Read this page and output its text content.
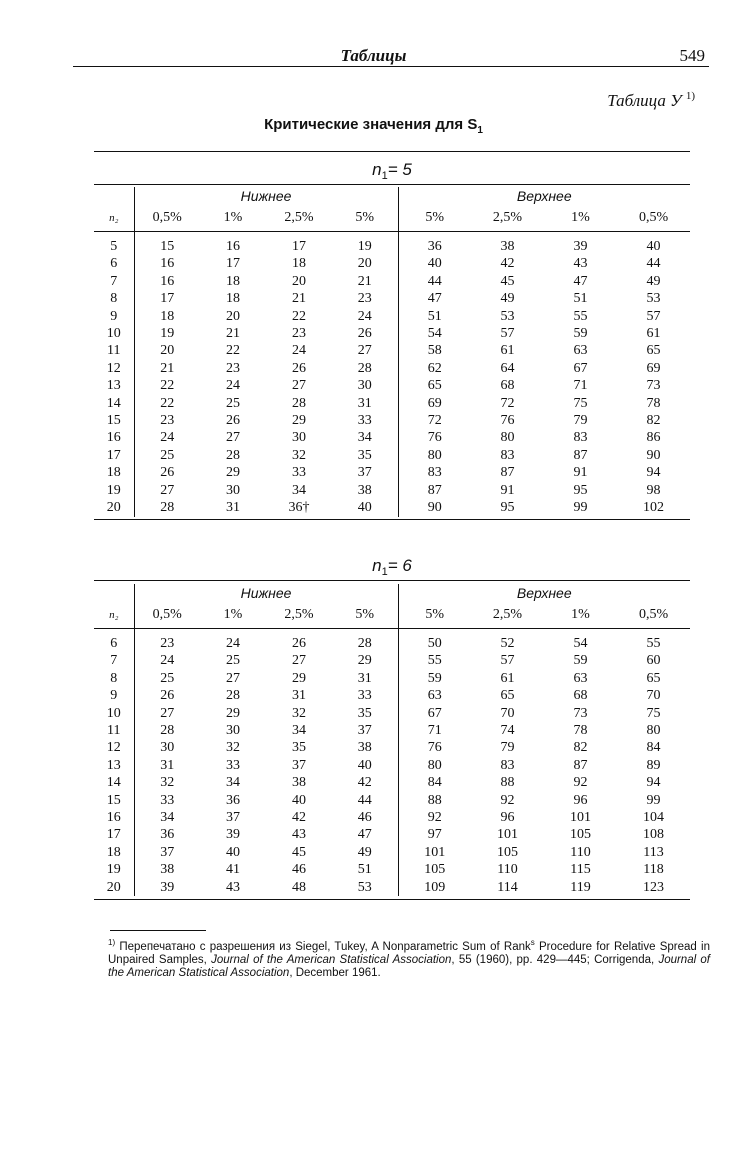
Таблицы	549
Таблица У $^{1)}$
Критические значения для $S_1$
$n_1= 5$
	Нижнее				Верхнее			
n₂	0,5%	1%	2,5%	5%	5%	2,5%	1%	0,5%
5	15	16	17	19	36	38	39	40
6	16	17	18	20	40	42	43	44
7	16	18	20	21	44	45	47	49
8	17	18	21	23	47	49	51	53
9	18	20	22	24	51	53	55	57
10	19	21	23	26	54	57	59	61
11	20	22	24	27	58	61	63	65
12	21	23	26	28	62	64	67	69
13	22	24	27	30	65	68	71	73
14	22	25	28	31	69	72	75	78
15	23	26	29	33	72	76	79	82
16	24	27	30	34	76	80	83	86
17	25	28	32	35	80	83	87	90
18	26	29	33	37	83	87	91	94
19	27	30	34	38	87	91	95	98
20	28	31	36†	40	90	95	99	102
$n_1= 6$
	Нижнее				Верхнее			
n₂	0,5%	1%	2,5%	5%	5%	2,5%	1%	0,5%
6	23	24	26	28	50	52	54	55
7	24	25	27	29	55	57	59	60
8	25	27	29	31	59	61	63	65
9	26	28	31	33	63	65	68	70
10	27	29	32	35	67	70	73	75
11	28	30	34	37	71	74	78	80
12	30	32	35	38	76	79	82	84
13	31	33	37	40	80	83	87	89
14	32	34	38	42	84	88	92	94
15	33	36	40	44	88	92	96	99
16	34	37	42	46	92	96	101	104
17	36	39	43	47	97	101	105	108
18	37	40	45	49	101	105	110	113
19	38	41	46	51	105	110	115	118
20	39	43	48	53	109	114	119	123
$^{1)}$ Перепечатано с разрешения из Siegel, Tukey, A Nonparametric Sum of Rank$^s$ Procedure for Relative Spread in Unpaired Samples, Journal of the American Statistical Association, 55 (1960), pp. 429—445; Corrigenda, Journal of the American Statistical Association, December 1961.
